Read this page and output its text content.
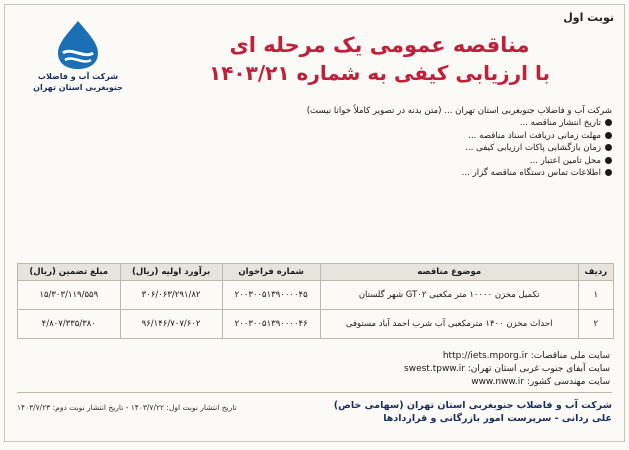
نوبت اول
شرکت آب و فاضلاب جنوبغربی استان تهران
مناقصه عمومی یک مرحله ای
با ارزیابی کیفی به شماره ۱۴۰۳/۲۱

شرکت آب و فاضلاب جنوبغربی استان تهران ... (متن بدنه در تصویر کاملاً خوانا نیست)

تاریخ انتشار مناقصه ...
مهلت زمانی دریافت اسناد مناقصه ...
زمان بازگشایی پاکات ارزیابی کیفی ...
محل تامین اعتبار ...
اطلاعات تماس دستگاه مناقصه گزار ...
ردیف	موضوع مناقصه	شماره فراخوان	برآورد اولیه (ریال)	مبلغ تضمین (ریال)
۱	تکمیل مخزن ۱۰۰۰۰ متر مکعبی GT۰۲ شهر گلستان	۲۰۰۳۰۰۵۱۳۹۰۰۰۰۴۵	۳۰۶/۰۶۳/۲۹۱/۸۲	۱۵/۳۰۳/۱۱۹/۵۵۹
۲	احداث مخزن ۱۴۰۰ مترمکعبی آب شرب احمد آباد مستوفی	۲۰۰۳۰۰۵۱۳۹۰۰۰۰۴۶	۹۶/۱۴۶/۷۰۷/۶۰۲	۴/۸۰۷/۳۳۵/۳۸۰
سایت ملی مناقصات: http://iets.mporg.ir
سایت آبفای جنوب غربی استان تهران: swest.tpww.ir
سایت مهندسی کشور: www.nww.ir
شرکت آب و فاضلاب جنوبغربی استان تهران (سهامی خاص)
علی ردانی - سرپرست امور بازرگانی و قراردادها
تاریخ انتشار نوبت اول: ۱۴۰۳/۷/۲۲ - تاریخ انتشار نوبت دوم: ۱۴۰۳/۷/۲۳
